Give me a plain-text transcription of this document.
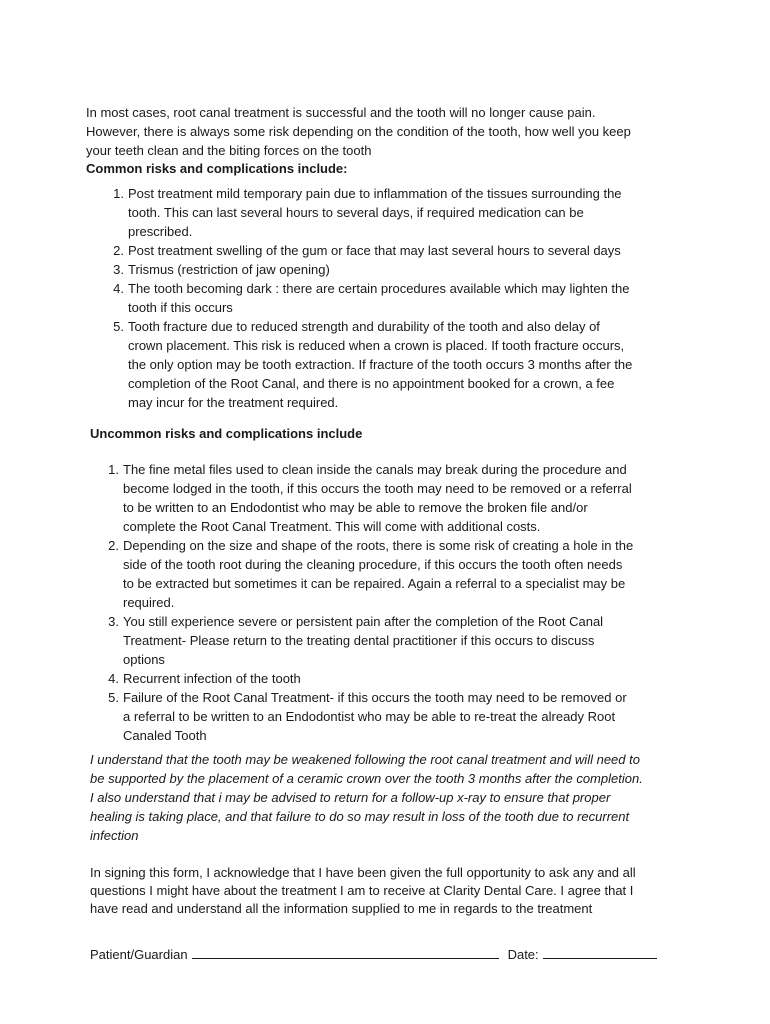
In most cases, root canal treatment is successful and the tooth will no longer cause pain.
However, there is always some risk depending on the condition of the tooth, how well you keep
your teeth clean and the biting forces on the tooth

Common risks and complications include:

1. Post treatment mild temporary pain due to inflammation of the tissues surrounding the
tooth. This can last several hours to several days, if required medication can be
prescribed.
2. Post treatment swelling of the gum or face that may last several hours to several days
3. Trismus (restriction of jaw opening)
4. The tooth becoming dark : there are certain procedures available which may lighten the
tooth if this occurs
5. Tooth fracture due to reduced strength and durability of the tooth and also delay of
crown placement. This risk is reduced when a crown is placed. If tooth fracture occurs,
the only option may be tooth extraction. If fracture of the tooth occurs 3 months after the
completion of the Root Canal, and there is no appointment booked for a crown, a fee
may incur for the treatment required.

Uncommon risks and complications include

1. The fine metal files used to clean inside the canals may break during the procedure and
become lodged in the tooth, if this occurs the tooth may need to be removed or a referral
to be written to an Endodontist who may be able to remove the broken file and/or
complete the Root Canal Treatment. This will come with additional costs.
2. Depending on the size and shape of the roots, there is some risk of creating a hole in the
side of the tooth root during the cleaning procedure, if this occurs the tooth often needs
to be extracted but sometimes it can be repaired. Again a referral to a specialist may be
required.
3. You still experience severe or persistent pain after the completion of the Root Canal
Treatment- Please return to the treating dental practitioner if this occurs to discuss
options
4. Recurrent infection of the tooth
5. Failure of the Root Canal Treatment- if this occurs the tooth may need to be removed or
a referral to be written to an Endodontist who may be able to re-treat the already Root
Canaled Tooth

I understand that the tooth may be weakened following the root canal treatment and will need to
be supported by the placement of a ceramic crown over the tooth 3 months after the completion.
I also understand that i may be advised to return for a follow-up x-ray to ensure that proper
healing is taking place, and that failure to do so may result in loss of the tooth due to recurrent
infection

In signing this form, I acknowledge that I have been given the full opportunity to ask any and all
questions I might have about the treatment I am to receive at Clarity Dental Care. I agree that I
have read and understand all the information supplied to me in regards to the treatment

Patient/Guardian	Date:
